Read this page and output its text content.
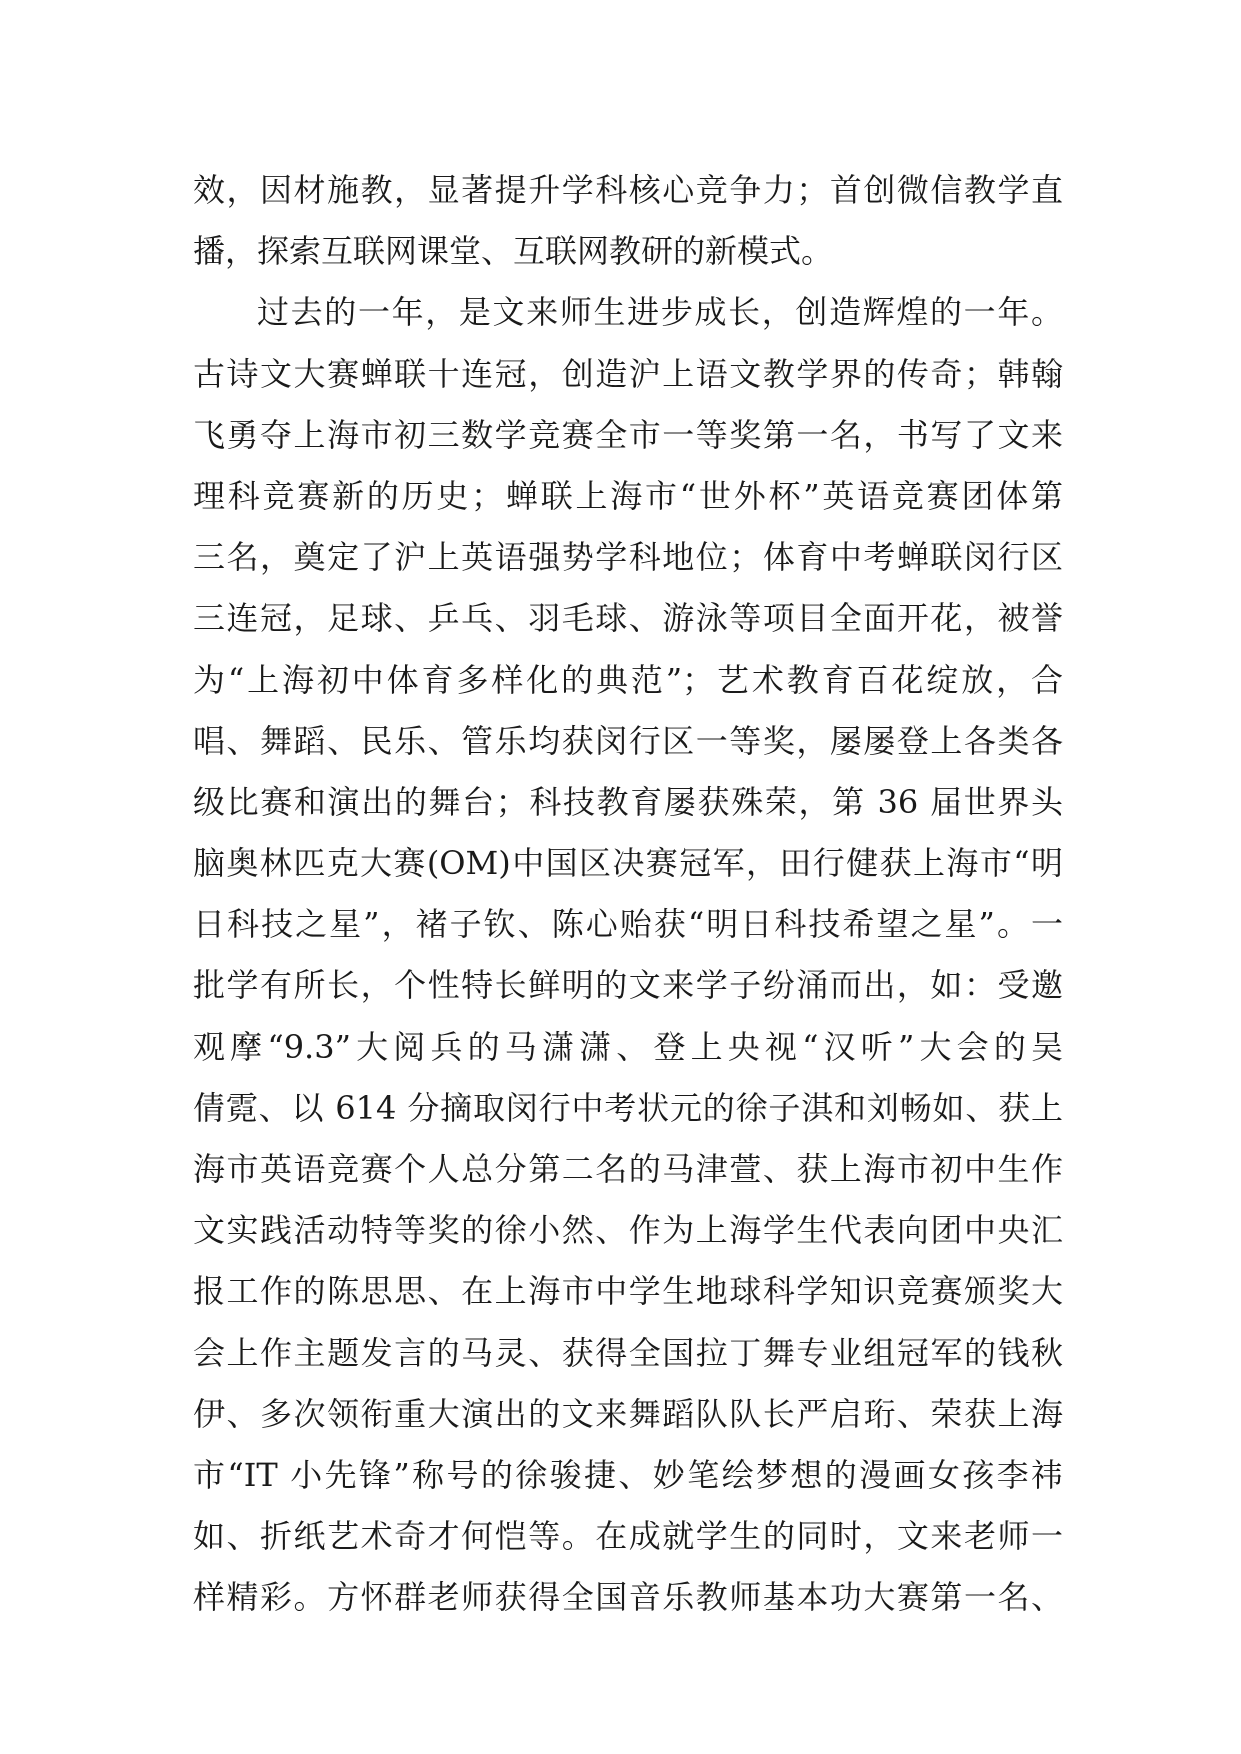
效，因材施教，显著提升学科核心竞争力；首创微信教学直
播，探索互联网课堂、互联网教研的新模式。
过去的一年，是文来师生进步成长，创造辉煌的一年。
古诗文大赛蝉联十连冠，创造沪上语文教学界的传奇；韩翰
飞勇夺上海市初三数学竞赛全市一等奖第一名，书写了文来
理科竞赛新的历史；蝉联上海市“世外杯”英语竞赛团体第
三名，奠定了沪上英语强势学科地位；体育中考蝉联闵行区
三连冠，足球、乒乓、羽毛球、游泳等项目全面开花，被誉
为“上海初中体育多样化的典范”；艺术教育百花绽放，合
唱、舞蹈、民乐、管乐均获闵行区一等奖，屡屡登上各类各
级比赛和演出的舞台；科技教育屡获殊荣，第 36 届世界头
脑奥林匹克大赛(OM)中国区决赛冠军，田行健获上海市“明
日科技之星”，褚子钦、陈心贻获“明日科技希望之星”。一
批学有所长，个性特长鲜明的文来学子纷涌而出，如：受邀
观摩“9.3”大阅兵的马潇潇、登上央视“汉听”大会的吴
倩霓、以 614 分摘取闵行中考状元的徐子淇和刘畅如、获上
海市英语竞赛个人总分第二名的马津萱、获上海市初中生作
文实践活动特等奖的徐小然、作为上海学生代表向团中央汇
报工作的陈思思、在上海市中学生地球科学知识竞赛颁奖大
会上作主题发言的马灵、获得全国拉丁舞专业组冠军的钱秋
伊、多次领衔重大演出的文来舞蹈队队长严启珩、荣获上海
市“IT 小先锋”称号的徐骏捷、妙笔绘梦想的漫画女孩李祎
如、折纸艺术奇才何恺等。在成就学生的同时，文来老师一
样精彩。方怀群老师获得全国音乐教师基本功大赛第一名、
